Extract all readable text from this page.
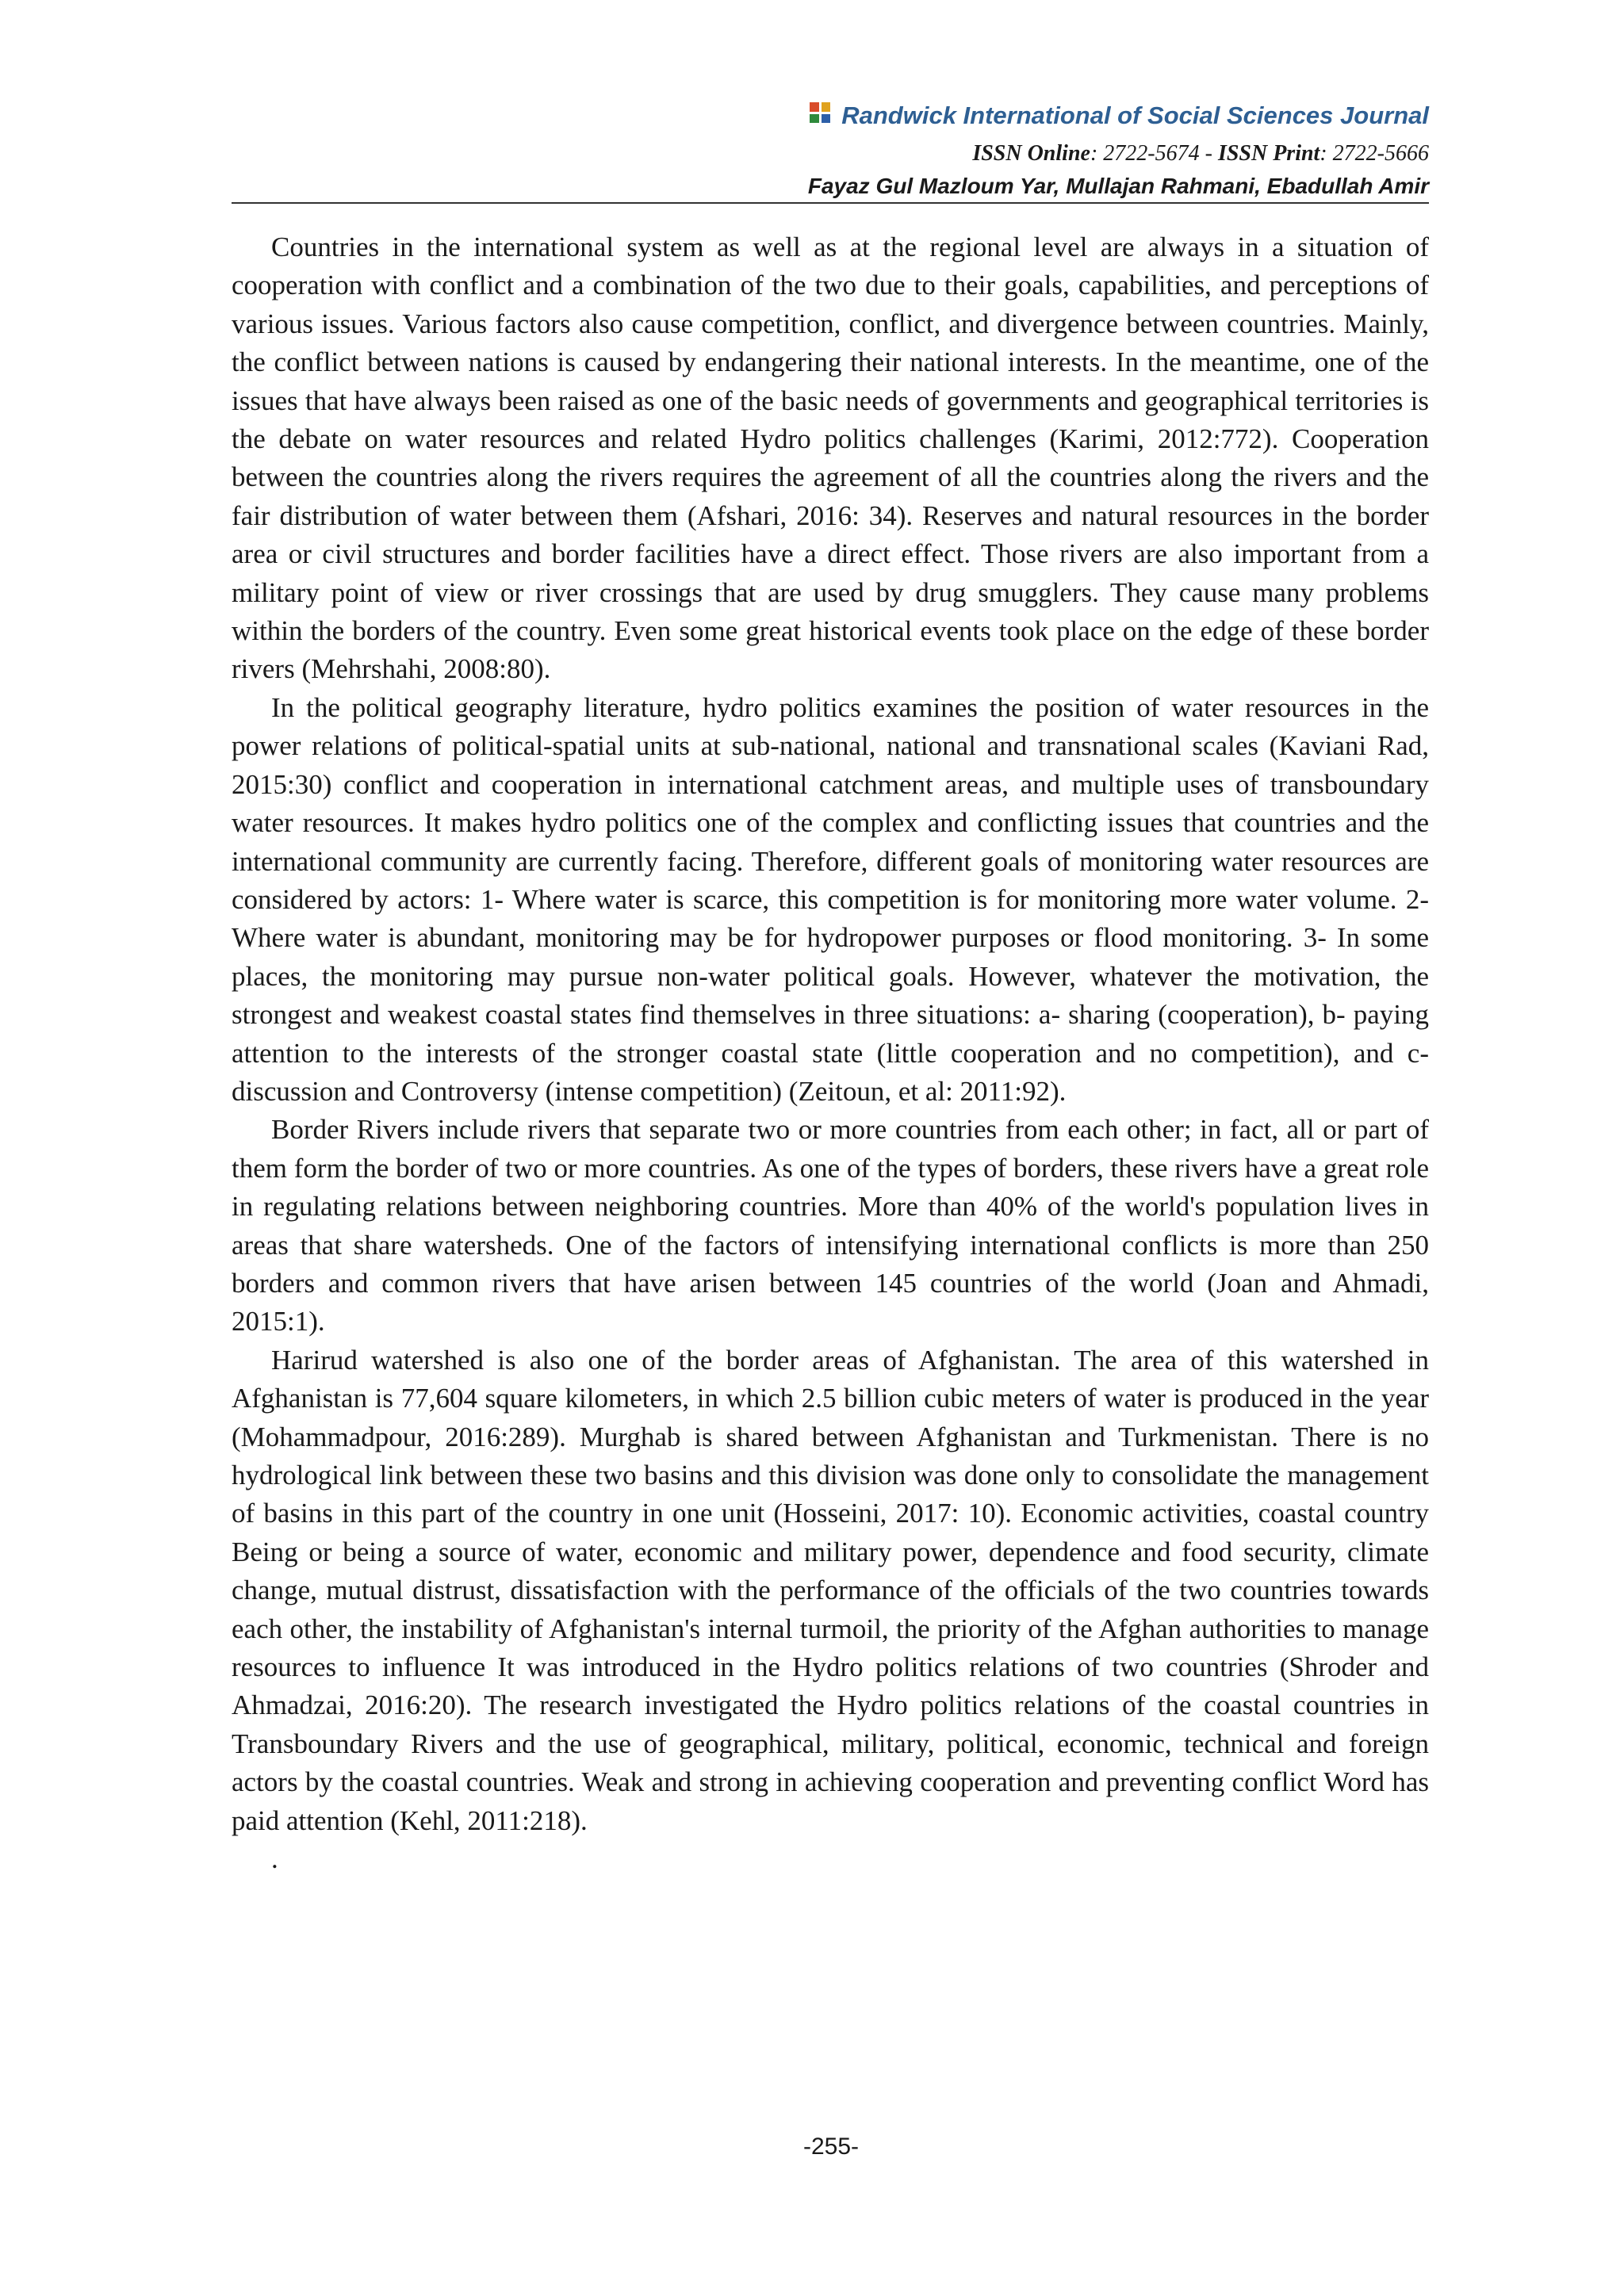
Randwick International of Social Sciences Journal
ISSN Online: 2722-5674 - ISSN Print: 2722-5666
Fayaz Gul Mazloum Yar, Mullajan Rahmani, Ebadullah Amir

Countries in the international system as well as at the regional level are always in a situation of cooperation with conflict and a combination of the two due to their goals, capabilities, and perceptions of various issues. Various factors also cause competition, conflict, and divergence between countries. Mainly, the conflict between nations is caused by endangering their national interests. In the meantime, one of the issues that have always been raised as one of the basic needs of governments and geographical territories is the debate on water resources and related Hydro politics challenges (Karimi, 2012:772). Cooperation between the countries along the rivers requires the agreement of all the countries along the rivers and the fair distribution of water between them (Afshari, 2016: 34). Reserves and natural resources in the border area or civil structures and border facilities have a direct effect. Those rivers are also important from a military point of view or river crossings that are used by drug smugglers. They cause many problems within the borders of the country. Even some great historical events took place on the edge of these border rivers (Mehrshahi, 2008:80).

In the political geography literature, hydro politics examines the position of water resources in the power relations of political-spatial units at sub-national, national and transnational scales (Kaviani Rad, 2015:30) conflict and cooperation in international catchment areas, and multiple uses of transboundary water resources. It makes hydro politics one of the complex and conflicting issues that countries and the international community are currently facing. Therefore, different goals of monitoring water resources are considered by actors: 1- Where water is scarce, this competition is for monitoring more water volume. 2- Where water is abundant, monitoring may be for hydropower purposes or flood monitoring. 3- In some places, the monitoring may pursue non-water political goals. However, whatever the motivation, the strongest and weakest coastal states find themselves in three situations: a- sharing (cooperation), b- paying attention to the interests of the stronger coastal state (little cooperation and no competition), and c- discussion and Controversy (intense competition) (Zeitoun, et al: 2011:92).

Border Rivers include rivers that separate two or more countries from each other; in fact, all or part of them form the border of two or more countries. As one of the types of borders, these rivers have a great role in regulating relations between neighboring countries. More than 40% of the world's population lives in areas that share watersheds. One of the factors of intensifying international conflicts is more than 250 borders and common rivers that have arisen between 145 countries of the world (Joan and Ahmadi, 2015:1).

Harirud watershed is also one of the border areas of Afghanistan. The area of this watershed in Afghanistan is 77,604 square kilometers, in which 2.5 billion cubic meters of water is produced in the year (Mohammadpour, 2016:289). Murghab is shared between Afghanistan and Turkmenistan. There is no hydrological link between these two basins and this division was done only to consolidate the management of basins in this part of the country in one unit (Hosseini, 2017: 10). Economic activities, coastal country Being or being a source of water, economic and military power, dependence and food security, climate change, mutual distrust, dissatisfaction with the performance of the officials of the two countries towards each other, the instability of Afghanistan's internal turmoil, the priority of the Afghan authorities to manage resources to influence It was introduced in the Hydro politics relations of two countries (Shroder and Ahmadzai, 2016:20). The research investigated the Hydro politics relations of the coastal countries in Transboundary Rivers and the use of geographical, military, political, economic, technical and foreign actors by the coastal countries. Weak and strong in achieving cooperation and preventing conflict Word has paid attention (Kehl, 2011:218).

.

-255-
